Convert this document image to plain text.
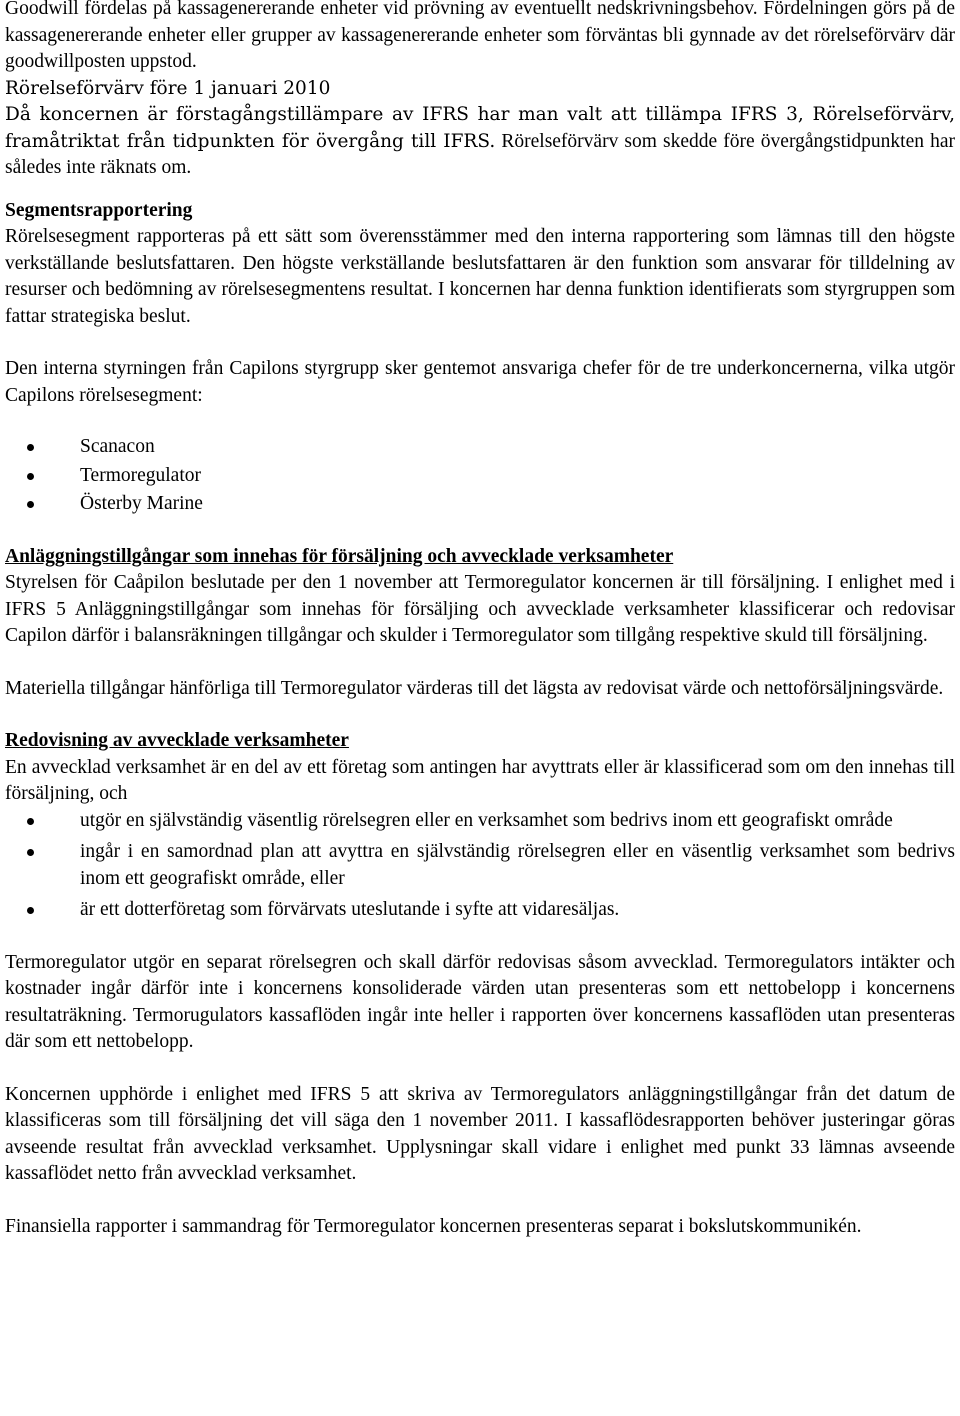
Goodwill fördelas på kassagenererande enheter vid prövning av eventuellt nedskrivningsbehov. Fördelningen görs på de kassagenererande enheter eller grupper av kassagenererande enheter som förväntas bli gynnade av det rörelseförvärv där goodwillposten uppstod.

Rörelseförvärv före 1 januari 2010

Då koncernen är förstagångstillämpare av IFRS har man valt att tillämpa IFRS 3, Rörelseförvärv, framåtriktat från tidpunkten för övergång till IFRS. Rörelseförvärv som skedde före övergångstidpunkten har således inte räknats om.

Segmentsrapportering

Rörelsesegment rapporteras på ett sätt som överensstämmer med den interna rapportering som lämnas till den högste verkställande beslutsfattaren. Den högste verkställande beslutsfattaren är den funktion som ansvarar för tilldelning av resurser och bedömning av rörelsesegmentens resultat. I koncernen har denna funktion identifierats som styrgruppen som fattar strategiska beslut.

Den interna styrningen från Capilons styrgrupp sker gentemot ansvariga chefer för de tre underkoncernerna, vilka utgör Capilons rörelsesegment:

Scanacon
Termoregulator
Österby Marine
Anläggningstillgångar som innehas för försäljning och avvecklade verksamheter

Styrelsen för Caåpilon beslutade per den 1 november att Termoregulator koncernen är till försäljning. I enlighet med i IFRS 5 Anläggningstillgångar som innehas för försäljing och avvecklade verksamheter klassificerar och redovisar Capilon därför i balansräkningen tillgångar och skulder i Termoregulator som tillgång respektive skuld till försäljning.

Materiella tillgångar hänförliga till Termoregulator värderas till det lägsta av redovisat värde och nettoförsäljningsvärde.

Redovisning av avvecklade verksamheter

En avvecklad verksamhet är en del av ett företag som antingen har avyttrats eller är klassificerad som om den innehas till försäljning, och

utgör en självständig väsentlig rörelsegren eller en verksamhet som bedrivs inom ett geografiskt område
ingår i en samordnad plan att avyttra en självständig rörelsegren eller en väsentlig verksamhet som bedrivs inom ett geografiskt område, eller
är ett dotterföretag som förvärvats uteslutande i syfte att vidaresäljas.

Termoregulator utgör en separat rörelsegren och skall därför redovisas såsom avvecklad. Termoregulators intäkter och kostnader ingår därför inte i koncernens konsoliderade värden utan presenteras som ett nettobelopp i koncernens resultaträkning. Termorugulators kassaflöden ingår inte heller i rapporten över koncernens kassaflöden utan presenteras där som ett nettobelopp.

Koncernen upphörde i enlighet med IFRS 5 att skriva av Termoregulators anläggningstillgångar från det datum de klassificeras som till försäljning det vill säga den 1 november 2011. I kassaflödesrapporten behöver justeringar göras avseende resultat från avvecklad verksamhet. Upplysningar skall vidare i enlighet med punkt 33 lämnas avseende kassaflödet netto från avvecklad verksamhet.

Finansiella rapporter i sammandrag för Termoregulator koncernen presenteras separat i bokslutskommunikén.
